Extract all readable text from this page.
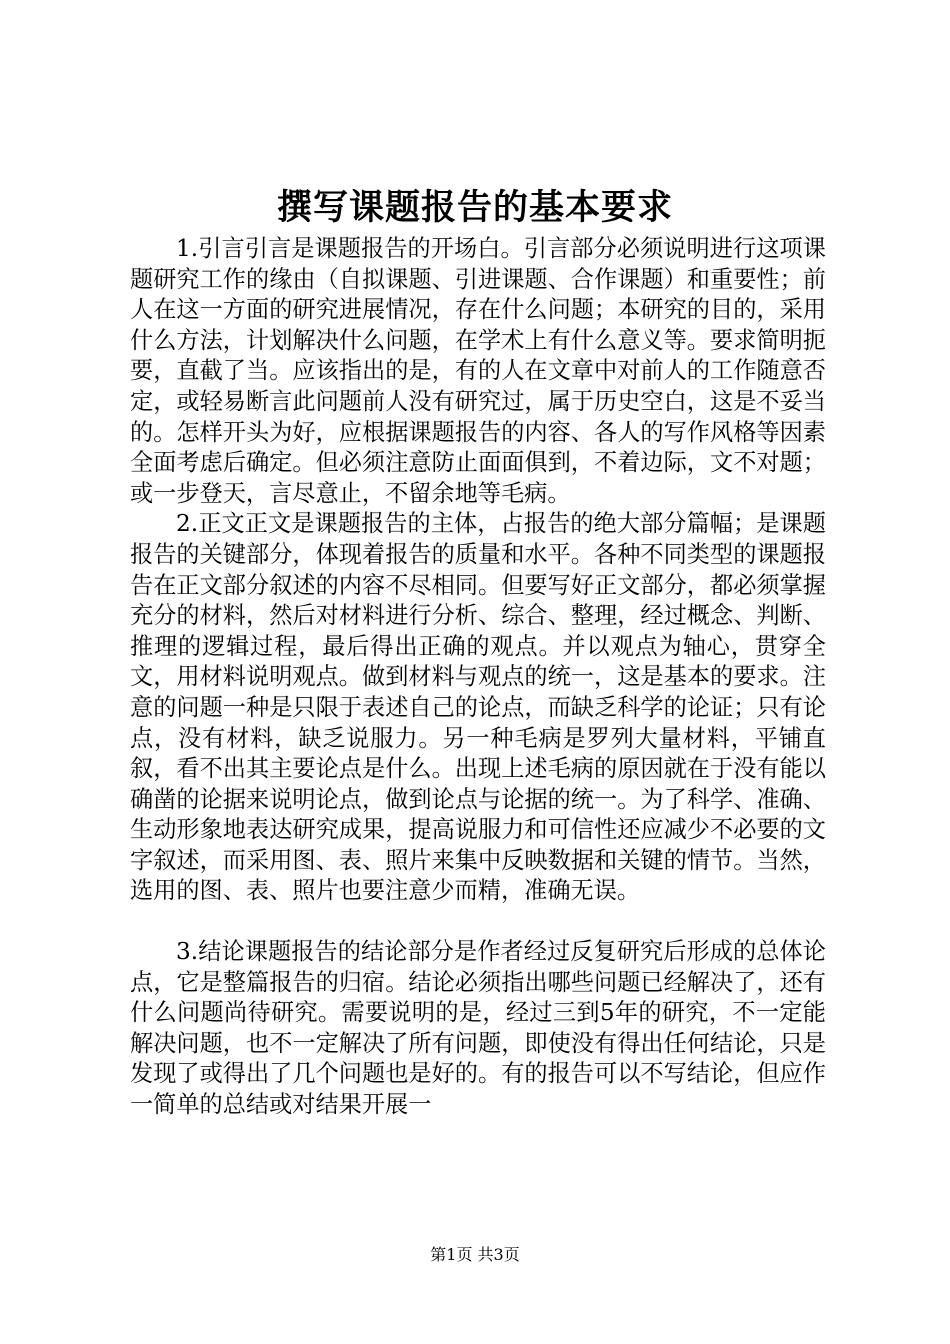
撰写课题报告的基本要求

1.引言引言是课题报告的开场白。引言部分必须说明进行这项课题研究工作的缘由（自拟课题、引进课题、合作课题）和重要性；前人在这一方面的研究进展情况，存在什么问题；本研究的目的，采用什么方法，计划解决什么问题，在学术上有什么意义等。要求简明扼要，直截了当。应该指出的是，有的人在文章中对前人的工作随意否定，或轻易断言此问题前人没有研究过，属于历史空白，这是不妥当的。怎样开头为好，应根据课题报告的内容、各人的写作风格等因素全面考虑后确定。但必须注意防止面面俱到，不着边际，文不对题；或一步登天，言尽意止，不留余地等毛病。

2.正文正文是课题报告的主体，占报告的绝大部分篇幅；是课题报告的关键部分，体现着报告的质量和水平。各种不同类型的课题报告在正文部分叙述的内容不尽相同。但要写好正文部分，都必须掌握充分的材料，然后对材料进行分析、综合、整理，经过概念、判断、推理的逻辑过程，最后得出正确的观点。并以观点为轴心，贯穿全文，用材料说明观点。做到材料与观点的统一，这是基本的要求。注意的问题一种是只限于表述自己的论点，而缺乏科学的论证；只有论点，没有材料，缺乏说服力。另一种毛病是罗列大量材料，平铺直叙，看不出其主要论点是什么。出现上述毛病的原因就在于没有能以确凿的论据来说明论点，做到论点与论据的统一。为了科学、准确、生动形象地表达研究成果，提高说服力和可信性还应减少不必要的文字叙述，而采用图、表、照片来集中反映数据和关键的情节。当然，选用的图、表、照片也要注意少而精，准确无误。

3.结论课题报告的结论部分是作者经过反复研究后形成的总体论点，它是整篇报告的归宿。结论必须指出哪些问题已经解决了，还有什么问题尚待研究。需要说明的是，经过三到5年的研究，不一定能解决问题，也不一定解决了所有问题，即使没有得出任何结论，只是发现了或得出了几个问题也是好的。有的报告可以不写结论，但应作一简单的总结或对结果开展一

第1页 共3页
